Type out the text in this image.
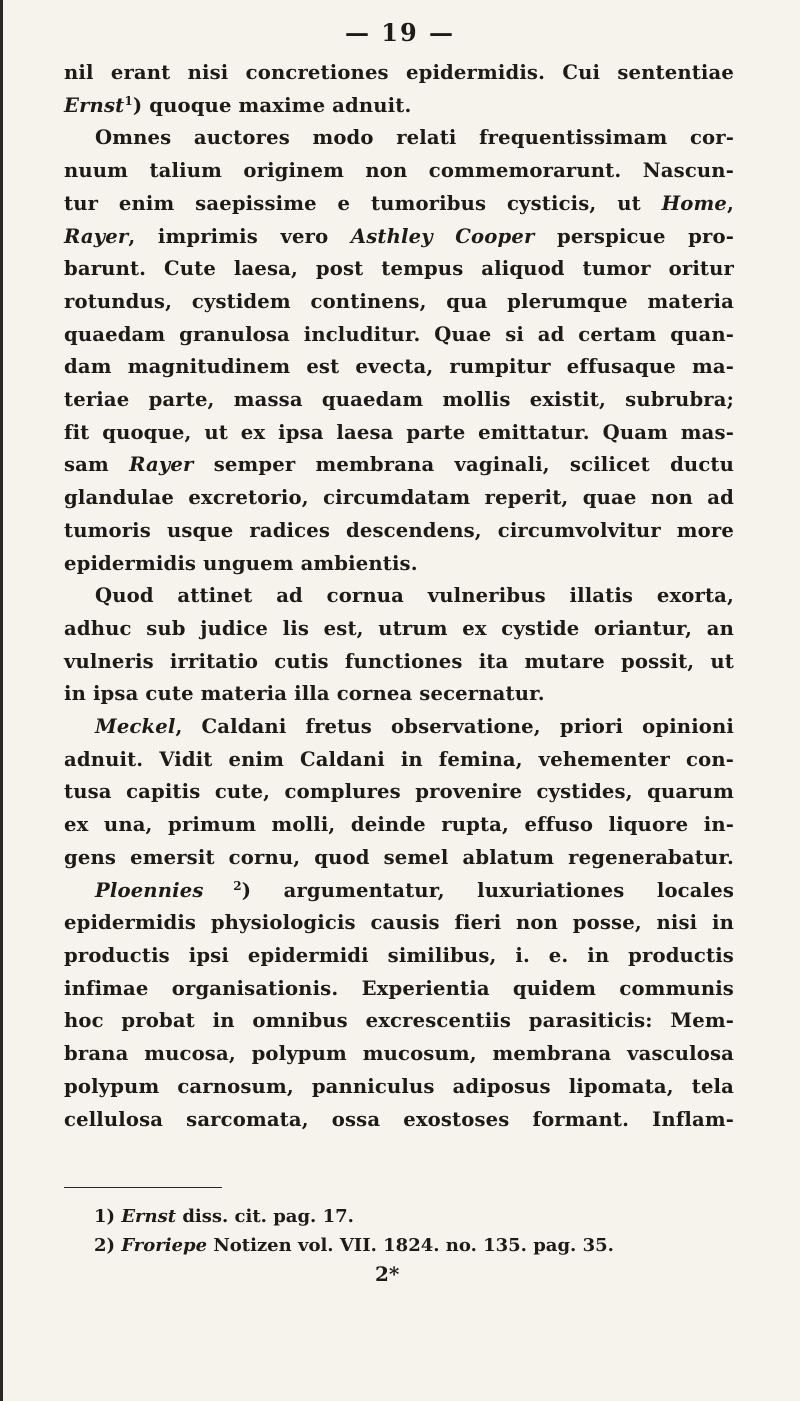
— 19 —
nil erant nisi concretiones epidermidis. Cui sententiae
Ernst$^1$) quoque maxime adnuit.
Omnes auctores modo relati frequentissimam cor-
nuum talium originem non commemorarunt. Nascun-
tur enim saepissime e tumoribus cysticis, ut Home,
Rayer, imprimis vero Asthley Cooper perspicue pro-
barunt. Cute laesa, post tempus aliquod tumor oritur
rotundus, cystidem continens, qua plerumque materia
quaedam granulosa includitur. Quae si ad certam quan-
dam magnitudinem est evecta, rumpitur effusaque ma-
teriae parte, massa quaedam mollis existit, subrubra;
fit quoque, ut ex ipsa laesa parte emittatur. Quam mas-
sam Rayer semper membrana vaginali, scilicet ductu
glandulae excretorio, circumdatam reperit, quae non ad
tumoris usque radices descendens, circumvolvitur more
epidermidis unguem ambientis.
Quod attinet ad cornua vulneribus illatis exorta,
adhuc sub judice lis est, utrum ex cystide oriantur, an
vulneris irritatio cutis functiones ita mutare possit, ut
in ipsa cute materia illa cornea secernatur.
Meckel, Caldani fretus observatione, priori opinioni
adnuit. Vidit enim Caldani in femina, vehementer con-
tusa capitis cute, complures provenire cystides, quarum
ex una, primum molli, deinde rupta, effuso liquore in-
gens emersit cornu, quod semel ablatum regenerabatur.
Ploennies $^2$) argumentatur, luxuriationes locales
epidermidis physiologicis causis fieri non posse, nisi in
productis ipsi epidermidi similibus, i. e. in productis
infimae organisationis. Experientia quidem communis
hoc probat in omnibus excrescentiis parasiticis: Mem-
brana mucosa, polypum mucosum, membrana vasculosa
polypum carnosum, panniculus adiposus lipomata, tela
cellulosa sarcomata, ossa exostoses formant. Inflam-
1) Ernst diss. cit. pag. 17.
2) Froriepe Notizen vol. VII. 1824. no. 135. pag. 35.
2*
